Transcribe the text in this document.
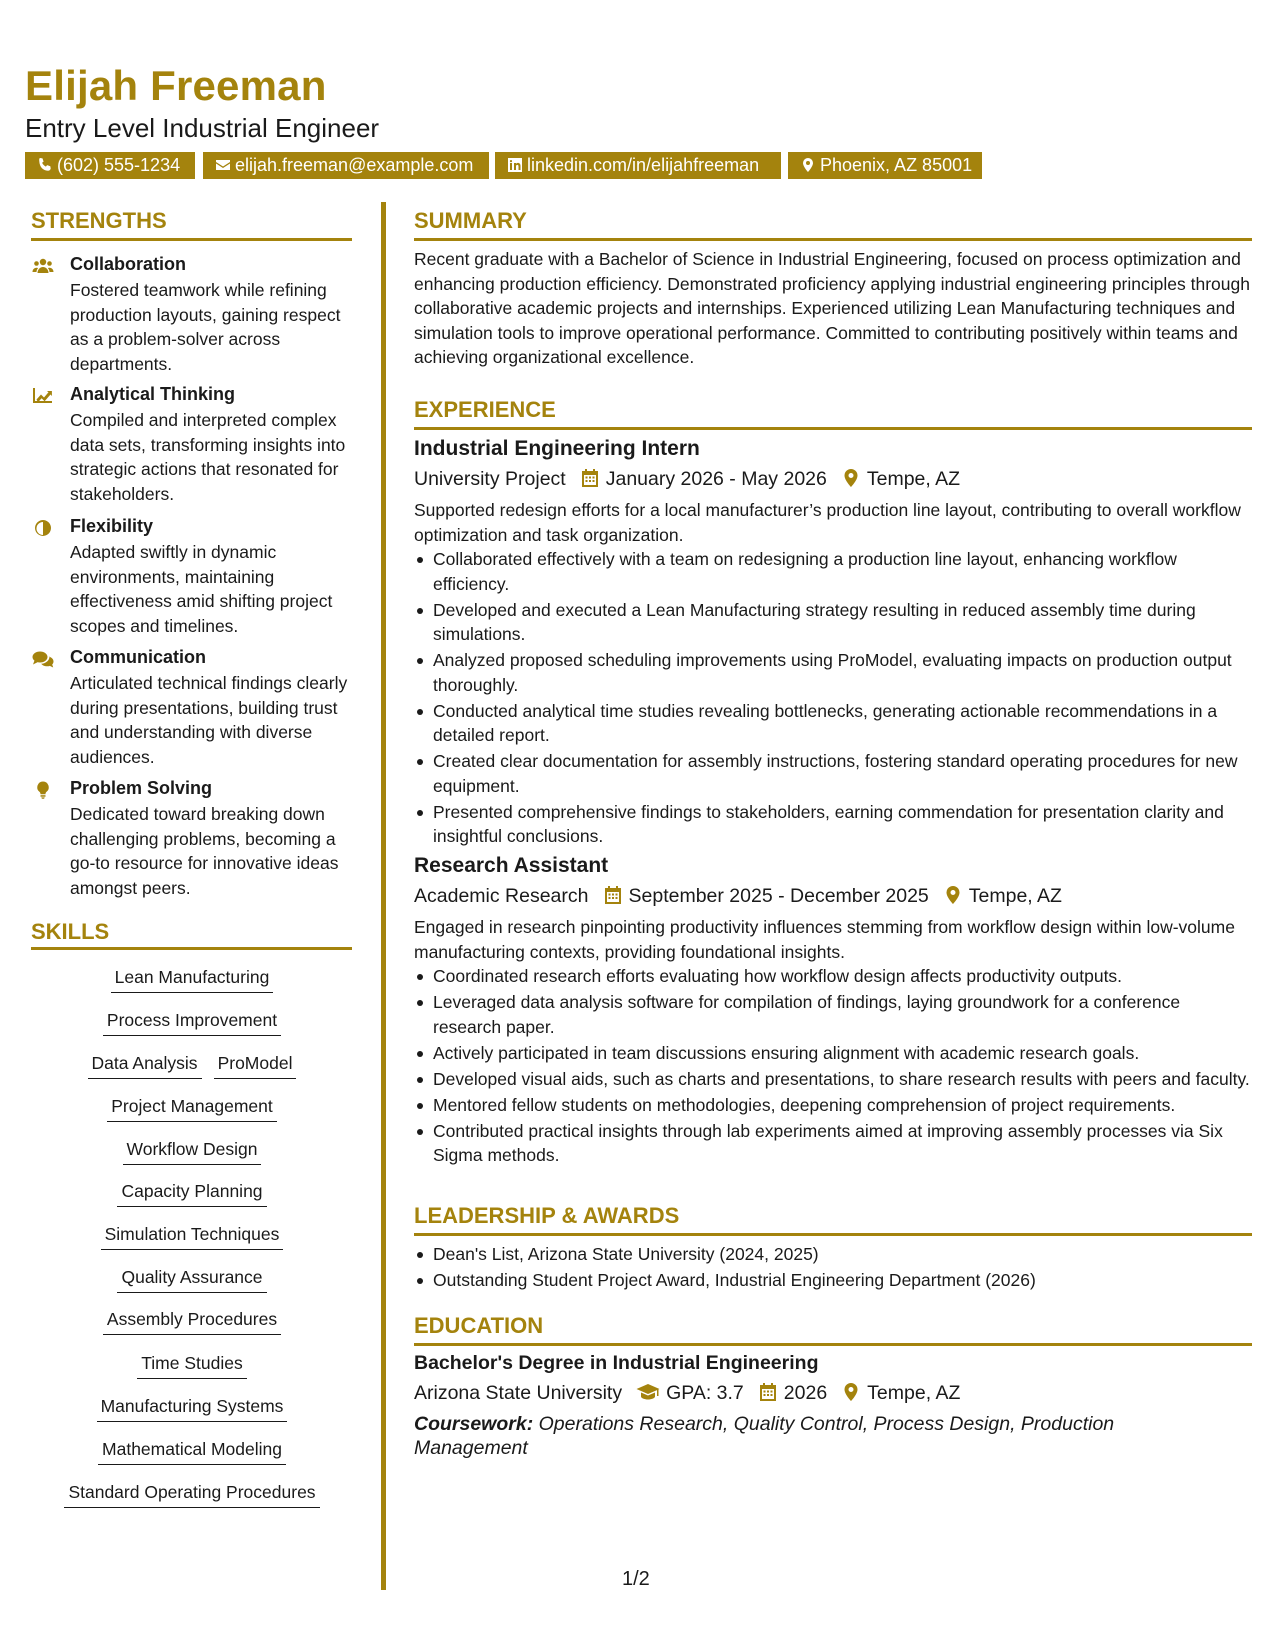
Elijah Freeman
Entry Level Industrial Engineer
(602) 555-1234	elijah.freeman@example.com	linkedin.com/in/elijahfreeman	Phoenix, AZ 85001
STRENGTHS
Collaboration
Fostered teamwork while refining production layouts, gaining respect as a problem-solver across departments.
Analytical Thinking
Compiled and interpreted complex data sets, transforming insights into strategic actions that resonated for stakeholders.
Flexibility
Adapted swiftly in dynamic environments, maintaining effectiveness amid shifting project scopes and timelines.
Communication
Articulated technical findings clearly during presentations, building trust and understanding with diverse audiences.
Problem Solving
Dedicated toward breaking down challenging problems, becoming a go-to resource for innovative ideas amongst peers.
SKILLS
Lean Manufacturing
Process Improvement
Data Analysis ProModel
Project Management
Workflow Design
Capacity Planning
Simulation Techniques
Quality Assurance
Assembly Procedures
Time Studies
Manufacturing Systems
Mathematical Modeling
Standard Operating Procedures
SUMMARY
Recent graduate with a Bachelor of Science in Industrial Engineering, focused on process optimization and enhancing production efficiency. Demonstrated proficiency applying industrial engineering principles through collaborative academic projects and internships. Experienced utilizing Lean Manufacturing techniques and simulation tools to improve operational performance. Committed to contributing positively within teams and achieving organizational excellence.
EXPERIENCE
Industrial Engineering Intern
University Project January 2026 - May 2026 Tempe, AZ
Supported redesign efforts for a local manufacturer’s production line layout, contributing to overall workflow optimization and task organization.
Collaborated effectively with a team on redesigning a production line layout, enhancing workflow efficiency.
Developed and executed a Lean Manufacturing strategy resulting in reduced assembly time during simulations.
Analyzed proposed scheduling improvements using ProModel, evaluating impacts on production output thoroughly.
Conducted analytical time studies revealing bottlenecks, generating actionable recommendations in a detailed report.
Created clear documentation for assembly instructions, fostering standard operating procedures for new equipment.
Presented comprehensive findings to stakeholders, earning commendation for presentation clarity and insightful conclusions.
Research Assistant
Academic Research September 2025 - December 2025 Tempe, AZ
Engaged in research pinpointing productivity influences stemming from workflow design within low-volume manufacturing contexts, providing foundational insights.
Coordinated research efforts evaluating how workflow design affects productivity outputs.
Leveraged data analysis software for compilation of findings, laying groundwork for a conference research paper.
Actively participated in team discussions ensuring alignment with academic research goals.
Developed visual aids, such as charts and presentations, to share research results with peers and faculty.
Mentored fellow students on methodologies, deepening comprehension of project requirements.
Contributed practical insights through lab experiments aimed at improving assembly processes via Six Sigma methods.
LEADERSHIP & AWARDS
Dean's List, Arizona State University (2024, 2025)
Outstanding Student Project Award, Industrial Engineering Department (2026)
EDUCATION
Bachelor's Degree in Industrial Engineering
Arizona State University GPA: 3.7 2026 Tempe, AZ
Coursework: Operations Research, Quality Control, Process Design, Production Management
1/2
